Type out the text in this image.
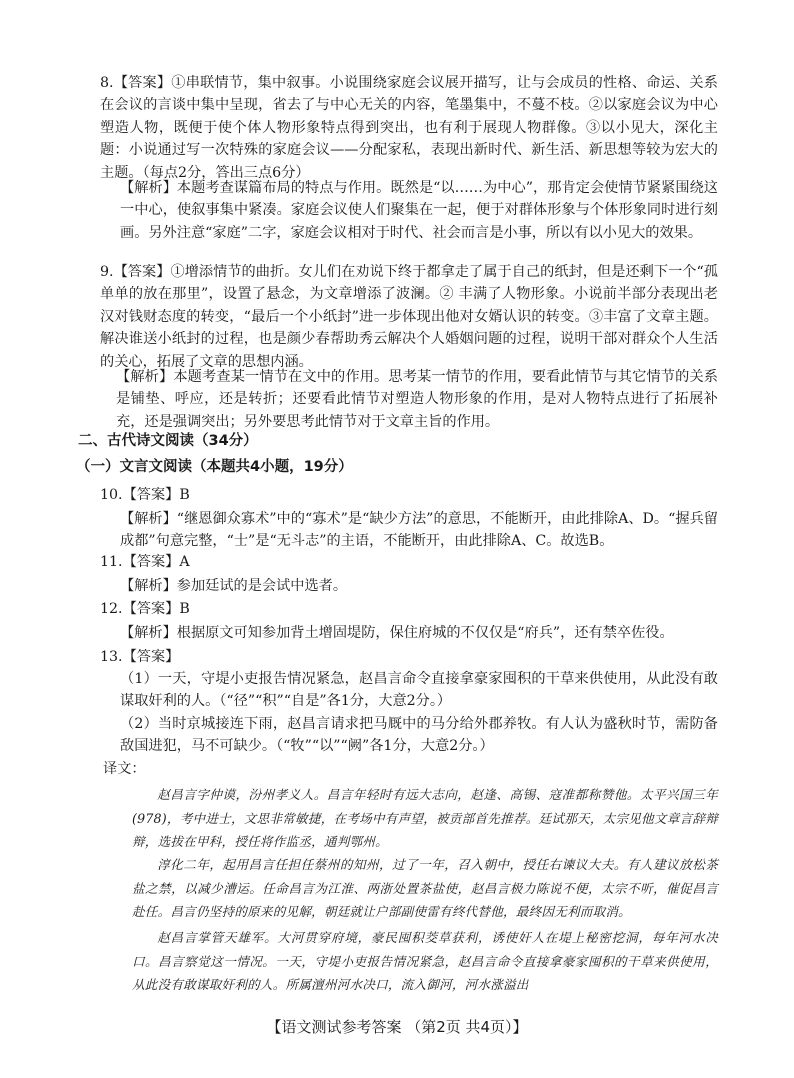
8.【答案】①串联情节，集中叙事。小说围绕家庭会议展开描写，让与会成员的性格、命运、关系在会议的言谈中集中呈现，省去了与中心无关的内容，笔墨集中，不蔓不枝。②以家庭会议为中心塑造人物，既便于使个体人物形象特点得到突出，也有利于展现人物群像。③以小见大，深化主题：小说通过写一次特殊的家庭会议——分配家私，表现出新时代、新生活、新思想等较为宏大的主题。（每点2分，答出三点6分）

【解析】本题考查谋篇布局的特点与作用。既然是“以……为中心”，那肯定会使情节紧紧围绕这一中心，使叙事集中紧凑。家庭会议使人们聚集在一起，便于对群体形象与个体形象同时进行刻画。另外注意“家庭”二字，家庭会议相对于时代、社会而言是小事，所以有以小见大的效果。

9.【答案】①增添情节的曲折。女儿们在劝说下终于都拿走了属于自己的纸封，但是还剩下一个“孤单单的放在那里”，设置了悬念，为文章增添了波澜。② 丰满了人物形象。小说前半部分表现出老汉对钱财态度的转变，“最后一个小纸封”进一步体现出他对女婿认识的转变。③丰富了文章主题。解决谁送小纸封的过程，也是颜少春帮助秀云解决个人婚姻问题的过程，说明干部对群众个人生活的关心，拓展了文章的思想内涵。

【解析】本题考查某一情节在文中的作用。思考某一情节的作用，要看此情节与其它情节的关系是铺垫、呼应，还是转折；还要看此情节对塑造人物形象的作用，是对人物特点进行了拓展补充，还是强调突出；另外要思考此情节对于文章主旨的作用。

二、古代诗文阅读（34分）

（一）文言文阅读（本题共4小题，19分）

10.【答案】B

【解析】“继恩御众寡术”中的“寡术”是“缺少方法”的意思，不能断开，由此排除A、D。“握兵留成都”句意完整，“士”是“无斗志”的主语，不能断开，由此排除A、C。故选B。

11.【答案】A

【解析】参加廷试的是会试中选者。

12.【答案】B

【解析】根据原文可知参加背土增固堤防，保住府城的不仅仅是“府兵”，还有禁卒佐役。

13.【答案】

（1）一天，守堤小吏报告情况紧急，赵昌言命令直接拿豪家囤积的干草来供使用，从此没有敢谋取奸利的人。（“径”“积”“自是”各1分，大意2分。）

（2）当时京城接连下雨，赵昌言请求把马厩中的马分给外郡养牧。有人认为盛秋时节，需防备敌国进犯，马不可缺少。（“牧”“以”“阙”各1分，大意2分。）

译文：

赵昌言字仲谟，汾州孝义人。昌言年轻时有远大志向，赵逢、高锡、寇准都称赞他。太平兴国三年(978)，考中进士，文思非常敏捷，在考场中有声望，被贡部首先推荐。廷试那天，太宗见他文章言辞辩辩，选拔在甲科，授任将作监丞，通判鄂州。

淳化二年，起用昌言任担任蔡州的知州，过了一年，召入朝中，授任右谏议大夫。有人建议放松茶盐之禁，以减少漕运。任命昌言为江淮、两浙处置茶盐使，赵昌言极力陈说不便，太宗不听，催促昌言赴任。昌言仍坚持的原来的见解，朝廷就让户部副使雷有终代替他，最终因无利而取消。

赵昌言掌管天雄军。大河贯穿府境，豪民囤积茭草获利，诱使奸人在堤上秘密挖洞，每年河水决口。昌言察觉这一情况。一天，守堤小吏报告情况紧急，赵昌言命令直接拿豪家囤积的干草来供使用，从此没有敢谋取奸利的人。所属澶州河水决口，流入御河，河水涨溢出

【语文测试参考答案 （第2页 共4页）】
